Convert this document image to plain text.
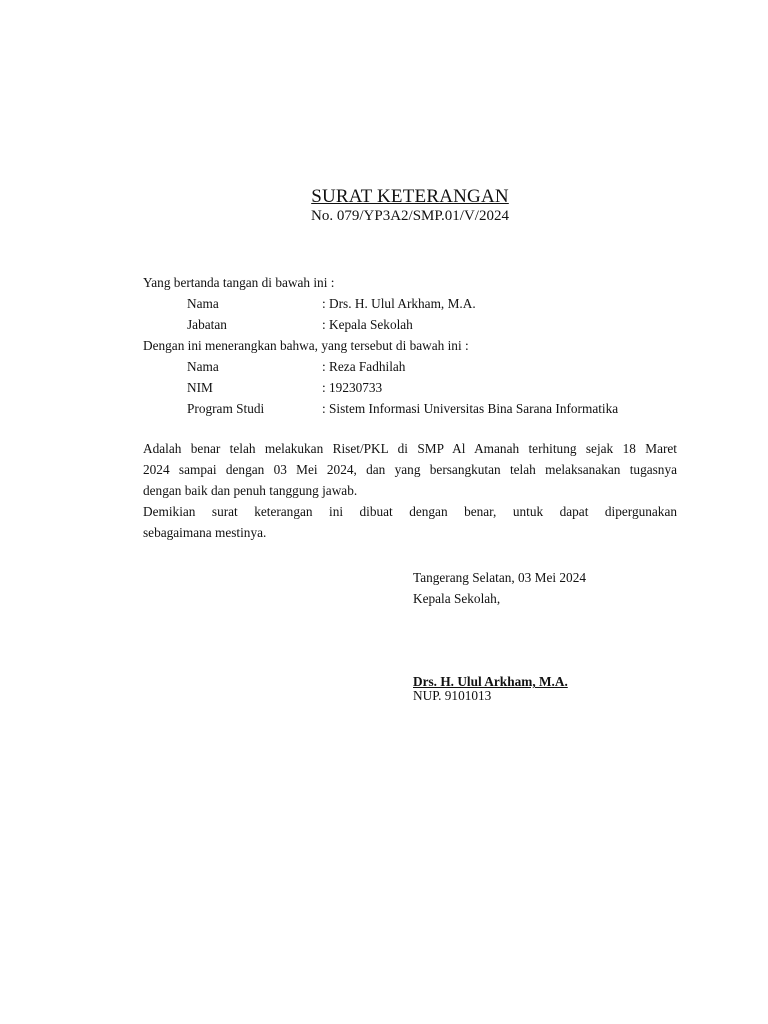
SURAT KETERANGAN
No. 079/YP3A2/SMP.01/V/2024
Yang bertanda tangan di bawah ini :
Nama	: Drs. H. Ulul Arkham, M.A.
Jabatan	: Kepala Sekolah
Dengan ini menerangkan bahwa, yang tersebut di bawah ini :
Nama	: Reza Fadhilah
NIM	: 19230733
Program Studi	: Sistem Informasi Universitas Bina Sarana Informatika
Adalah benar telah melakukan Riset/PKL di SMP Al Amanah terhitung sejak 18 Maret
2024 sampai dengan 03 Mei 2024, dan yang bersangkutan telah melaksanakan tugasnya
dengan baik dan penuh tanggung jawab.
Demikian surat keterangan ini dibuat dengan benar, untuk dapat dipergunakan
sebagaimana mestinya.
Tangerang Selatan, 03 Mei 2024
Kepala Sekolah,
Drs. H. Ulul Arkham, M.A.
NUP. 9101013
